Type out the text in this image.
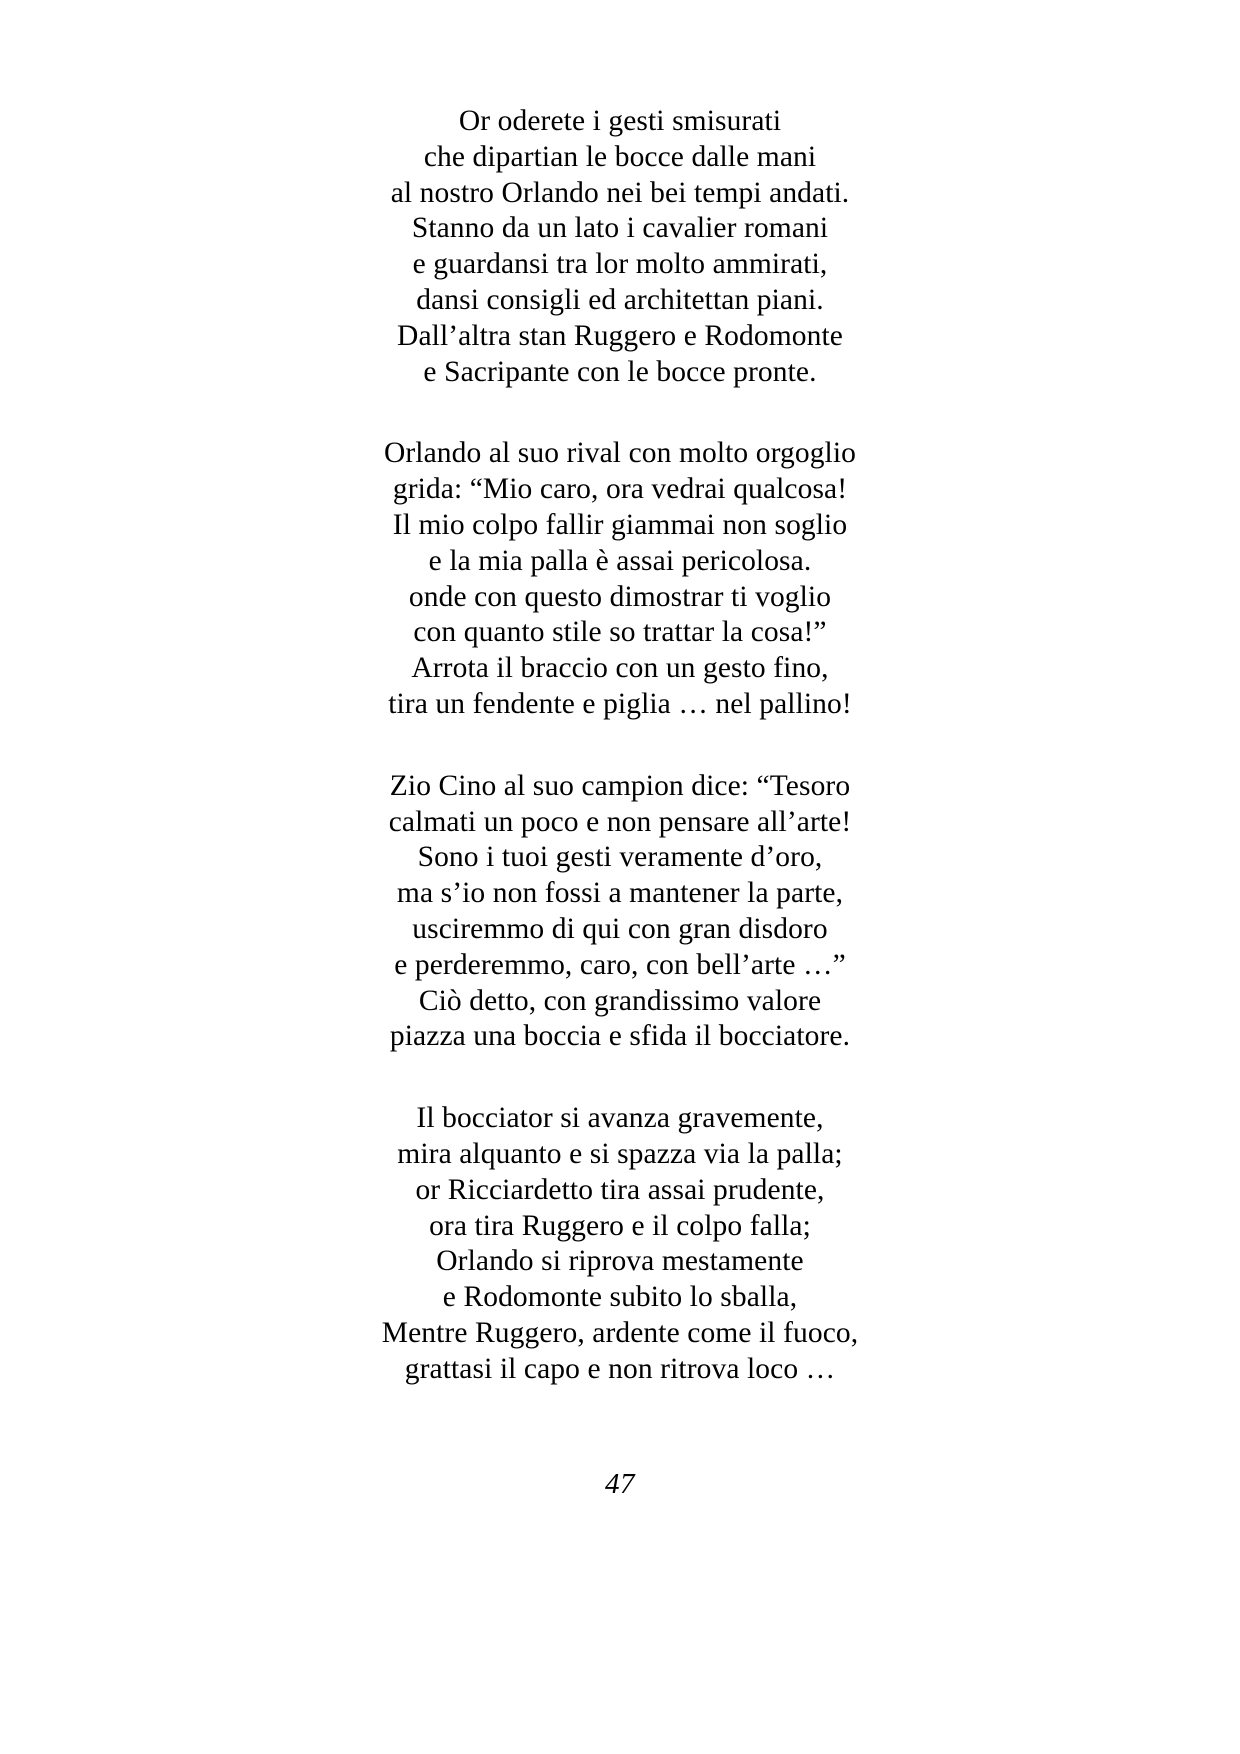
Or oderete i gesti smisurati
che dipartian le bocce dalle mani
al nostro Orlando nei bei tempi andati.
Stanno da un lato i cavalier romani
e guardansi tra lor molto ammirati,
dansi consigli ed architettan piani.
Dall’altra stan Ruggero e Rodomonte
e Sacripante con le bocce pronte.
Orlando al suo rival con molto orgoglio
grida: “Mio caro, ora vedrai qualcosa!
Il mio colpo fallir giammai non soglio
e la mia palla è assai pericolosa.
onde con questo dimostrar ti voglio
con quanto stile so trattar la cosa!”
Arrota il braccio con un gesto fino,
tira un fendente e piglia … nel pallino!
Zio Cino al suo campion dice: “Tesoro
calmati un poco e non pensare all’arte!
Sono i tuoi gesti veramente d’oro,
ma s’io non fossi a mantener la parte,
usciremmo di qui con gran disdoro
e perderemmo, caro, con bell’arte …”
Ciò detto, con grandissimo valore
piazza una boccia e sfida il bocciatore.
Il bocciator si avanza gravemente,
mira alquanto e si spazza via la palla;
or Ricciardetto tira assai prudente,
ora tira Ruggero e il colpo falla;
Orlando si riprova mestamente
e Rodomonte subito lo sballa,
Mentre Ruggero, ardente come il fuoco,
grattasi il capo e non ritrova loco …
47
